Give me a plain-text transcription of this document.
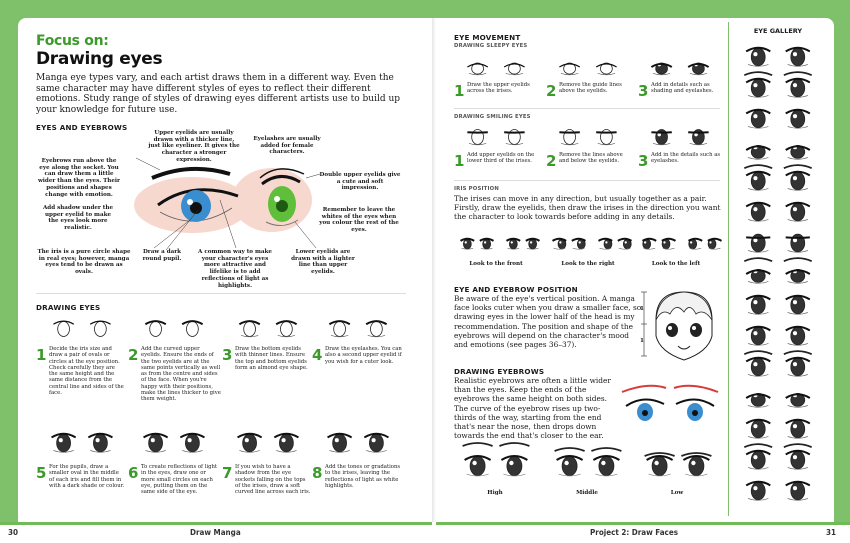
Focus on:
Drawing eyes
Manga eye types vary, and each artist draws them in a different way. Even the same character may have different styles of eyes to reflect their different emotions. Study range of styles of drawing eyes different artists use to build up your knowledge for future use.
EYES AND EYEBROWS
Upper eyelids are usually drawn with a thicker line, just like eyeliner. It gives the character a stronger expression.
Eyelashes are usually added for female characters.
Eyebrows run above the eye along the socket. You can draw them a little wider than the eyes. Their positions and shapes change with emotion.
Double upper eyelids give a cute and soft impression.
Add shadow under the upper eyelid to make the eyes look more realistic.
Remember to leave the whites of the eyes when you colour the rest of the eyes.
The iris is a pure circle shape in real eyes; however, manga eyes tend to be drawn as ovals.
Draw a dark round pupil.
A common way to make your character's eyes more attractive and lifelike is to add reflections of light as highlights.
Lower eyelids are drawn with a lighter line than upper eyelids.
DRAWING EYES
1 Decide the iris size and draw a pair of ovals or circles at the eye position. Check carefully they are the same height and the same distance from the central line and sides of the face.
2 Add the curved upper eyelids. Ensure the ends of the two eyelids are at the same points vertically as well as from the centre and sides of the face. When you're happy with their positions, make the lines thicker to give them weight.
3 Draw the bottom eyelids with thinner lines. Ensure the top and bottom eyelids form an almond eye shape.
4 Draw the eyelashes. You can also a second upper eyelid if you wish for a cuter look.
5 For the pupils, draw a smaller oval in the middle of each iris and fill them in with a dark shade or colour.
6 To create reflections of light in the eyes, draw one or more small circles on each eye, putting them on the same side of the eye.
7 If you wish to have a shadow from the eye sockets falling on the tops of the irises, draw a soft curved line across each iris.
8 Add the tones or gradations to the irises, leaving the reflections of light as white highlights.
EYE MOVEMENT
DRAWING SLEEPY EYES
1 Draw the upper eyelids across the irises.	2 Remove the guide lines above the eyelids.	3 Add in details such as shading and eyelashes.
DRAWING SMILING EYES
1 Add upper eyelids on the lower third of the irises. 2 Remove the lines above and below the eyelids.	3 Add in the details such as eyelashes.
IRIS POSITION
The irises can move in any direction, but usually together as a pair. Firstly, draw the eyelids, then draw the irises in the direction you want the character to look towards before adding in any details.
Look to the front	Look to the right	Look to the left
EYE AND EYEBROW POSITION
Be aware of the eye's vertical position. A manga face looks cuter when you draw a smaller face, so drawing eyes in the lower half of the head is my recommendation. The position and shape of the eyebrows will depend on the character's mood and emotions (see pages 36–37).
1
1
DRAWING EYEBROWS
Realistic eyebrows are often a little wider than the eyes. Keep the ends of the eyebrows the same height on both sides. The curve of the eyebrow rises up two-thirds of the way, starting from the end that's near the nose, then drops down towards the end that's closer to the ear.
High	Middle	Low
EYE GALLERY
30	Draw Manga	Project 2: Draw Faces	31
